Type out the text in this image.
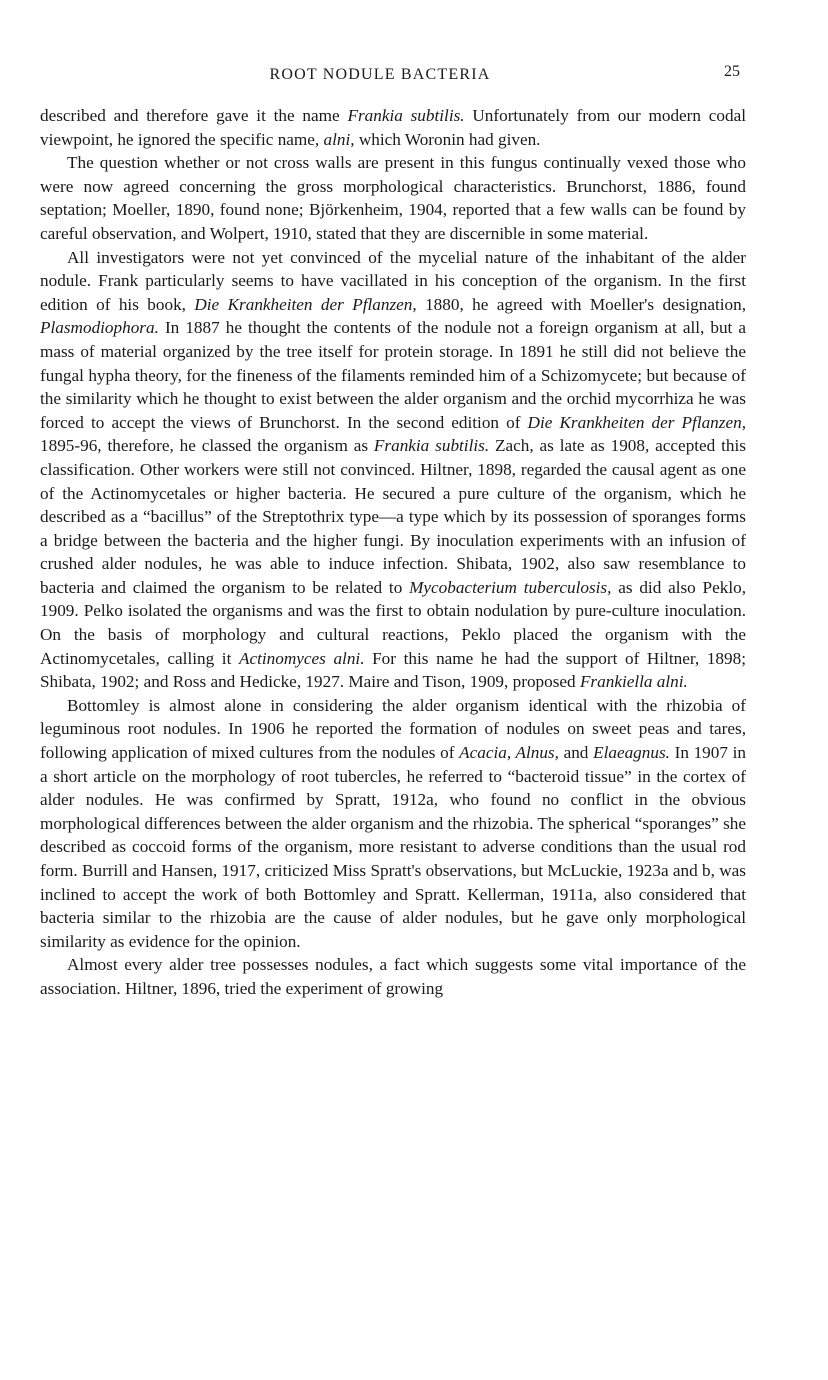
ROOT NODULE BACTERIA	25

described and therefore gave it the name Frankia subtilis. Unfortunately from our modern codal viewpoint, he ignored the specific name, alni, which Woronin had given.

The question whether or not cross walls are present in this fungus continually vexed those who were now agreed concerning the gross morphological characteristics. Brunchorst, 1886, found septation; Moeller, 1890, found none; Björkenheim, 1904, reported that a few walls can be found by careful observation, and Wolpert, 1910, stated that they are discernible in some material.

All investigators were not yet convinced of the mycelial nature of the inhabitant of the alder nodule. Frank particularly seems to have vacillated in his conception of the organism. In the first edition of his book, Die Krankheiten der Pflanzen, 1880, he agreed with Moeller's designation, Plasmodiophora. In 1887 he thought the contents of the nodule not a foreign organism at all, but a mass of material organized by the tree itself for protein storage. In 1891 he still did not believe the fungal hypha theory, for the fineness of the filaments reminded him of a Schizomycete; but because of the similarity which he thought to exist between the alder organism and the orchid mycorrhiza he was forced to accept the views of Brunchorst. In the second edition of Die Krankheiten der Pflanzen, 1895-96, therefore, he classed the organism as Frankia subtilis. Zach, as late as 1908, accepted this classification. Other workers were still not convinced. Hiltner, 1898, regarded the causal agent as one of the Actinomycetales or higher bacteria. He secured a pure culture of the organism, which he described as a “bacillus” of the Streptothrix type—a type which by its possession of sporanges forms a bridge between the bacteria and the higher fungi. By inoculation experiments with an infusion of crushed alder nodules, he was able to induce infection. Shibata, 1902, also saw resemblance to bacteria and claimed the organism to be related to Mycobacterium tuberculosis, as did also Peklo, 1909. Pelko isolated the organisms and was the first to obtain nodulation by pure-culture inoculation. On the basis of morphology and cultural reactions, Peklo placed the organism with the Actinomycetales, calling it Actinomyces alni. For this name he had the support of Hiltner, 1898; Shibata, 1902; and Ross and Hedicke, 1927. Maire and Tison, 1909, proposed Frankiella alni.

Bottomley is almost alone in considering the alder organism identical with the rhizobia of leguminous root nodules. In 1906 he reported the formation of nodules on sweet peas and tares, following application of mixed cultures from the nodules of Acacia, Alnus, and Elaeagnus. In 1907 in a short article on the morphology of root tubercles, he referred to “bacteroid tissue” in the cortex of alder nodules. He was confirmed by Spratt, 1912a, who found no conflict in the obvious morphological differences between the alder organism and the rhizobia. The spherical “sporanges” she described as coccoid forms of the organism, more resistant to adverse conditions than the usual rod form. Burrill and Hansen, 1917, criticized Miss Spratt's observations, but McLuckie, 1923a and b, was inclined to accept the work of both Bottomley and Spratt. Kellerman, 1911a, also considered that bacteria similar to the rhizobia are the cause of alder nodules, but he gave only morphological similarity as evidence for the opinion.

Almost every alder tree possesses nodules, a fact which suggests some vital importance of the association. Hiltner, 1896, tried the experiment of growing
